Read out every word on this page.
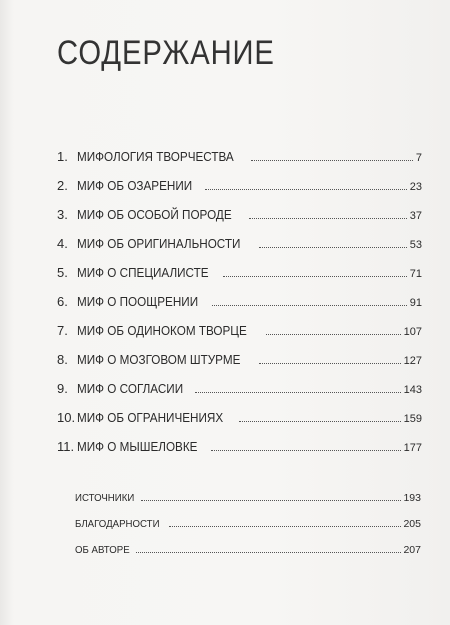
СОДЕРЖАНИЕ
1. МИФОЛОГИЯ ТВОРЧЕСТВА	7
2. МИФ ОБ ОЗАРЕНИИ	23
3. МИФ ОБ ОСОБОЙ ПОРОДЕ	37
4. МИФ ОБ ОРИГИНАЛЬНОСТИ	53
5. МИФ О СПЕЦИАЛИСТЕ	71
6. МИФ О ПООЩРЕНИИ	91
7. МИФ ОБ ОДИНОКОМ ТВОРЦЕ	107
8. МИФ О МОЗГОВОМ ШТУРМЕ	127
9. МИФ О СОГЛАСИИ	143
10. МИФ ОБ ОГРАНИЧЕНИЯХ	159
11. МИФ О МЫШЕЛОВКЕ	177
ИСТОЧНИКИ	193
БЛАГОДАРНОСТИ	205
ОБ АВТОРЕ	207
